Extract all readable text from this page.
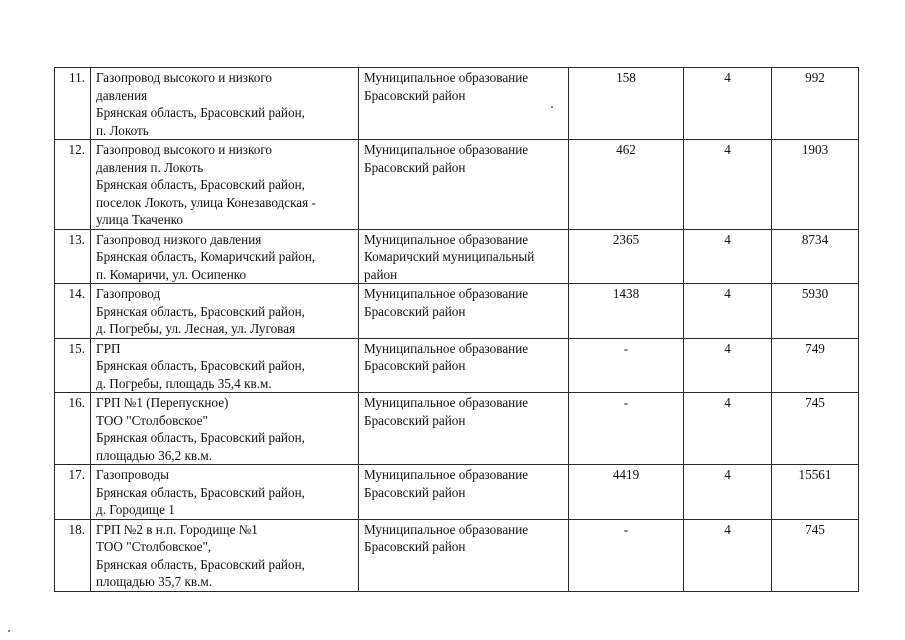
11.	Газопровод высокого и низкого
давления
Брянская область, Брасовский район,
п. Локоть	Муниципальное образование
Брасовский район	158	4	992
12.	Газопровод высокого и низкого
давления п. Локоть
Брянская область, Брасовский район,
поселок Локоть, улица Конезаводская -
улица Ткаченко	Муниципальное образование
Брасовский район	462	4	1903
13.	Газопровод низкого давления
Брянская область, Комаричский район,
п. Комаричи, ул. Осипенко	Муниципальное образование
Комаричский муниципальный
район	2365	4	8734
14.	Газопровод
Брянская область, Брасовский район,
д. Погребы, ул. Лесная, ул. Луговая	Муниципальное образование
Брасовский район	1438	4	5930
15.	ГРП
Брянская область, Брасовский район,
д. Погребы, площадь 35,4 кв.м.	Муниципальное образование
Брасовский район	-	4	749
16.	ГРП №1 (Перепускное)
ТОО "Столбовское"
Брянская область, Брасовский район,
площадью 36,2 кв.м.	Муниципальное образование
Брасовский район	-	4	745
17.	Газопроводы
Брянская область, Брасовский район,
д. Городище 1	Муниципальное образование
Брасовский район	4419	4	15561
18.	ГРП №2 в н.п. Городище №1
ТОО "Столбовское",
Брянская область, Брасовский район,
площадью 35,7 кв.м.	Муниципальное образование
Брасовский район	-	4	745
